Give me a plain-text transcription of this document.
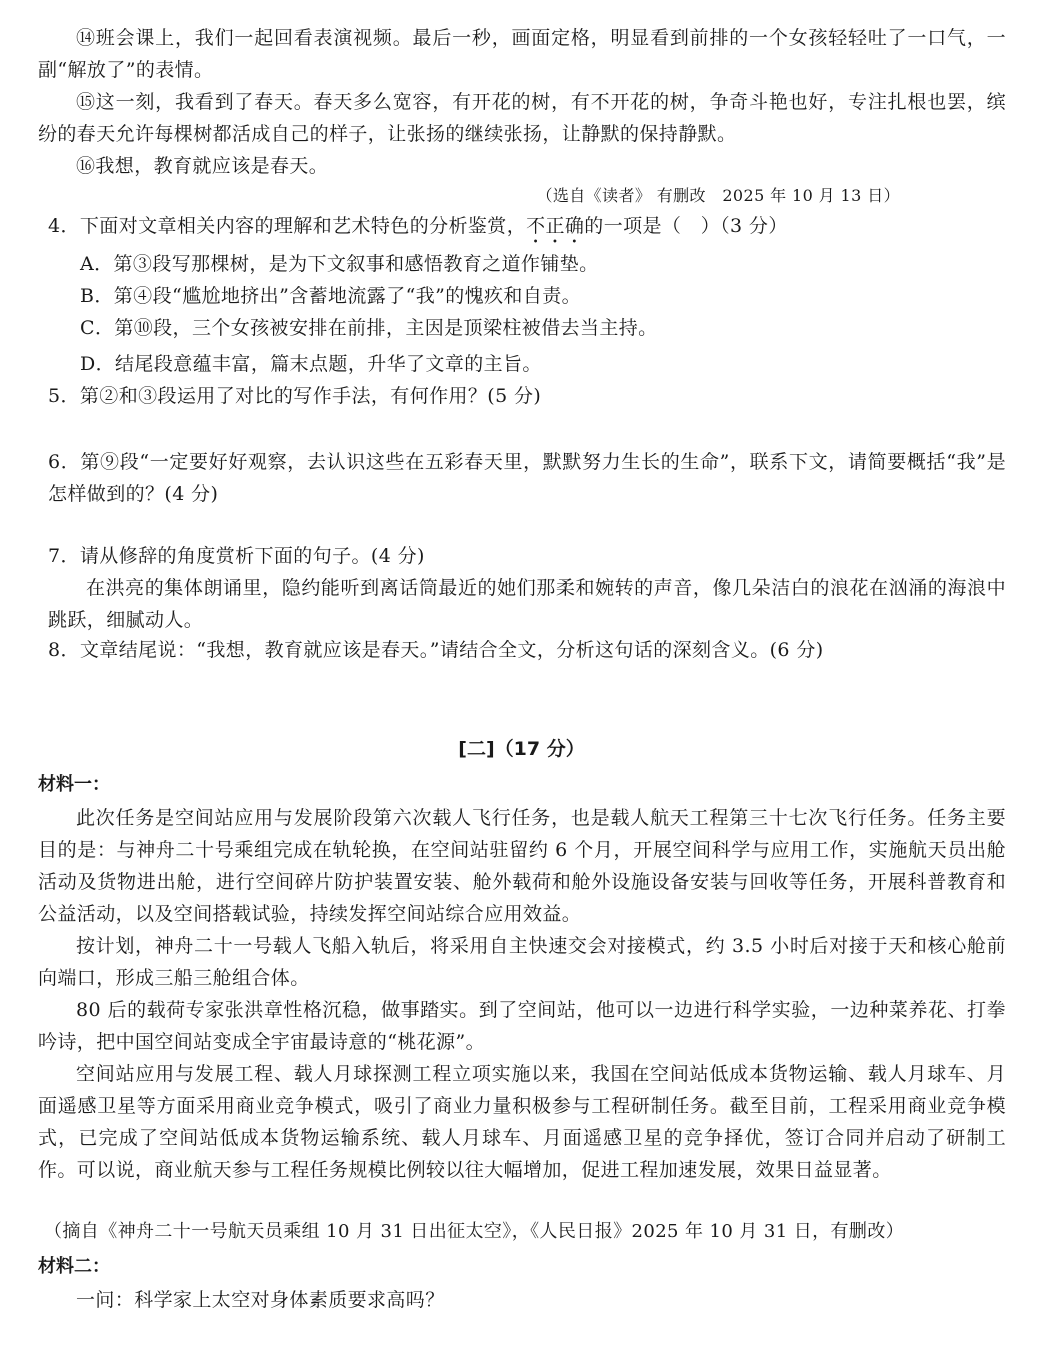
⑭班会课上，我们一起回看表演视频。最后一秒，画面定格，明显看到前排的一个女孩轻轻吐了一口气，一副“解放了”的表情。

⑮这一刻，我看到了春天。春天多么宽容，有开花的树，有不开花的树，争奇斗艳也好，专注扎根也罢，缤纷的春天允许每棵树都活成自己的样子，让张扬的继续张扬，让静默的保持静默。

⑯我想，教育就应该是春天。

（选自《读者》 有删改　2025 年 10 月 13 日）

4．下面对文章相关内容的理解和艺术特色的分析鉴赏，不正确的一项是（　）（3 分）

A．第③段写那棵树，是为下文叙事和感悟教育之道作铺垫。

B．第④段“尴尬地挤出”含蓄地流露了“我”的愧疚和自责。

C．第⑩段，三个女孩被安排在前排，主因是顶梁柱被借去当主持。

D．结尾段意蕴丰富，篇末点题，升华了文章的主旨。

5．第②和③段运用了对比的写作手法，有何作用？(5 分)

6．第⑨段“一定要好好观察，去认识这些在五彩春天里，默默努力生长的生命”，联系下文，请简要概括“我”是怎样做到的？(4 分)

7．请从修辞的角度赏析下面的句子。(4 分)

在洪亮的集体朗诵里，隐约能听到离话筒最近的她们那柔和婉转的声音，像几朵洁白的浪花在汹涌的海浪中跳跃，细腻动人。

8．文章结尾说：“我想，教育就应该是春天。”请结合全文，分析这句话的深刻含义。(6 分)

[二]（17 分）
材料一：

此次任务是空间站应用与发展阶段第六次载人飞行任务，也是载人航天工程第三十七次飞行任务。任务主要目的是：与神舟二十号乘组完成在轨轮换，在空间站驻留约 6 个月，开展空间科学与应用工作，实施航天员出舱活动及货物进出舱，进行空间碎片防护装置安装、舱外载荷和舱外设施设备安装与回收等任务，开展科普教育和公益活动，以及空间搭载试验，持续发挥空间站综合应用效益。

按计划，神舟二十一号载人飞船入轨后，将采用自主快速交会对接模式，约 3.5 小时后对接于天和核心舱前向端口，形成三船三舱组合体。

80 后的载荷专家张洪章性格沉稳，做事踏实。到了空间站，他可以一边进行科学实验，一边种菜养花、打拳吟诗，把中国空间站变成全宇宙最诗意的“桃花源”。

空间站应用与发展工程、载人月球探测工程立项实施以来，我国在空间站低成本货物运输、载人月球车、月面遥感卫星等方面采用商业竞争模式，吸引了商业力量积极参与工程研制任务。截至目前，工程采用商业竞争模式，已完成了空间站低成本货物运输系统、载人月球车、月面遥感卫星的竞争择优，签订合同并启动了研制工作。可以说，商业航天参与工程任务规模比例较以往大幅增加，促进工程加速发展，效果日益显著。

（摘自《神舟二十一号航天员乘组 10 月 31 日出征太空》，《人民日报》2025 年 10 月 31 日，有删改）

材料二：

一问：科学家上太空对身体素质要求高吗？
